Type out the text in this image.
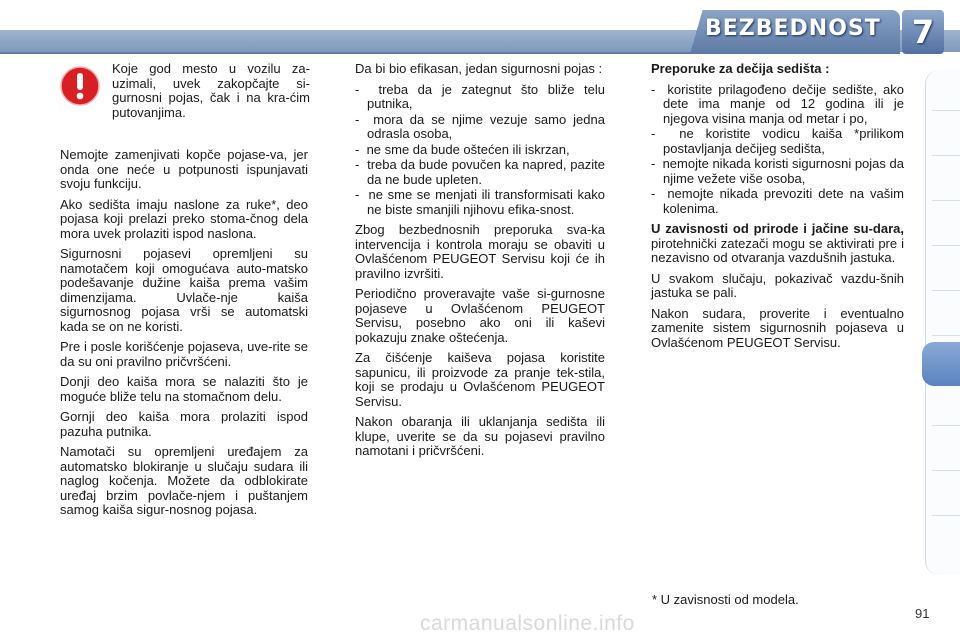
BEZBEDNOST 7
Koje god mesto u vozilu za-uzimali, uvek zakopčajte si-gurnosni pojas, čak i na kra-ćim putovanjima.

Nemojte zamenjivati kopče pojase-va, jer onda one neće u potpunosti ispunjavati svoju funkciju.

Ako sedišta imaju naslone za ruke*, deo pojasa koji prelazi preko stoma-čnog dela mora uvek prolaziti ispod naslona.

Sigurnosni pojasevi opremljeni su namotačem koji omogućava auto-matsko podešavanje dužine kaiša prema vašim dimenzijama. Uvlače-nje kaiša sigurnosnog pojasa vrši se automatski kada se on ne koristi.

Pre i posle korišćenje pojaseva, uve-rite se da su oni pravilno pričvršćeni.

Donji deo kaiša mora se nalaziti što je moguće bliže telu na stomačnom delu.

Gornji deo kaiša mora prolaziti ispod pazuha putnika.

Namotači su opremljeni uređajem za automatsko blokiranje u slučaju sudara ili naglog kočenja. Možete da odblokirate uređaj brzim povlače-njem i puštanjem samog kaiša sigur-nosnog pojasa.

Da bi bio efikasan, jedan sigurnosni pojas :

-  treba da je zategnut što bliže telu putnika,
-  mora da se njime vezuje samo jedna odrasla osoba,
-  ne sme da bude oštećen ili iskrzan,
-  treba da bude povučen ka napred, pazite da ne bude upleten.
-  ne sme se menjati ili transformisati kako ne biste smanjili njihovu efika-snost.

Zbog bezbednosnih preporuka sva-ka intervencija i kontrola moraju se obaviti u Ovlašćenom PEUGEOT Servisu koji će ih pravilno izvršiti.

Periodično proveravajte vaše si-gurnosne pojaseve u Ovlašćenom PEUGEOT Servisu, posebno ako oni ili kaševi pokazuju znake oštećenja.

Za čišćenje kaiševa pojasa koristite sapunicu, ili proizvode za pranje tek-stila, koji se prodaju u Ovlašćenom PEUGEOT Servisu.

Nakon obaranja ili uklanjanja sedišta ili klupe, uverite se da su pojasevi pravilno namotani i pričvršćeni.

Preporuke za dečija sedišta :

-  koristite prilagođeno dečije sedište, ako dete ima manje od 12 godina ili je njegova visina manja od metar i po,
-  ne koristite vodicu kaiša *prilikom postavljanja dečijeg sedišta,
-  nemojte nikada koristi sigurnosni pojas da njime vežete više osoba,
-  nemojte nikada prevoziti dete na vašim kolenima.

U zavisnosti od prirode i jačine su-dara, pirotehnički zatezači mogu se aktivirati pre i nezavisno od otvaranja vazdušnih jastuka.

U svakom slučaju, pokazivač vazdu-šnih jastuka se pali.

Nakon sudara, proverite i eventualno zamenite sistem sigurnosnih pojaseva u Ovlašćenom PEUGEOT Servisu.

* U zavisnosti od modela.
carmanualsonline.info	91
